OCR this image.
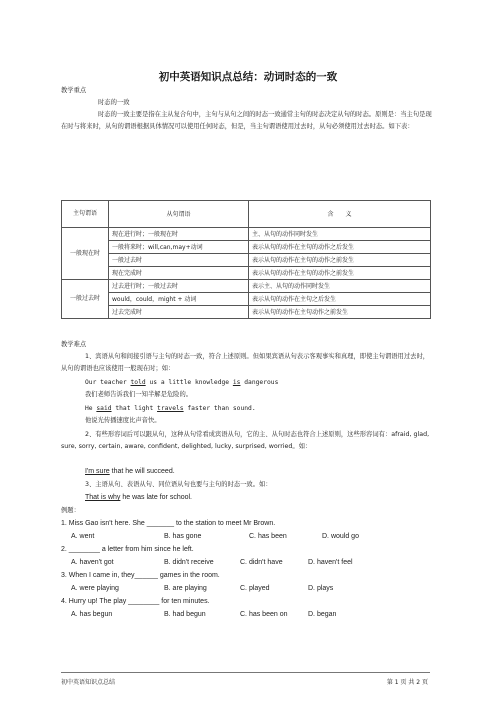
初中英语知识点总结：动词时态的一致
教学重点
时态的一致
时态的一致主要是指在主从复合句中，主句与从句之间的时态一致通常主句的时态决定从句的时态。原则是：当主句是现在时与将来时，从句的谓语根据具体情况可以使用任何时态，但是，当主句谓语使用过去时，从句必须使用过去时态。如下表：
主句谓语	从句谓语	含　　义
一般现在时	现在进行时；一般现在时	主、从句的动作同时发生
	一般将来时；will,can,may+动词	表示从句的动作在主句的动作之后发生
	一般过去时	表示从句的动作在主句的动作之前发生
	现在完成时	表示从句的动作在主句的动作之前发生
一般过去时	过去进行时；一般过去时	表示主、从句的动作同时发生
	would，could，might + 动词	表示从句的动作在主句之后发生
	过去完成时	表示从句的动作在主句动作之前发生
教学难点
1、宾语从句和间接引语与主句的时态一致，符合上述原则。但如果宾语从句表示客观事实和真理，即使主句谓语用过去时，从句的谓语也应该使用一般现在时；如：
Our teacher told us a little knowledge is dangerous
我们老师告诉我们一知半解是危险的。
He said that light travels faster than sound.
他说光传播速度比声音快。
2、有些形容词后可以跟从句，这种从句常看成宾语从句，它的主、从句时态也符合上述原则，这些形容词有：afraid, glad, sure, sorry, certain, aware, confident, delighted, lucky, surprised, worried。如：
I'm sure that he will succeed.
3、主语从句、表语从句、同位语从句也要与主句的时态一致。如：
That is why he was late for school.
例题：
1. Miss Gao isn't here. She _______ to the station to meet Mr Brown.
A. went	B. has gone	C. has been	D. would go
2. ________ a letter from him since he left.
A. haven't got	B. didn't receive	C. didn't have	D. haven't feel
3. When I came in, they______ games in the room.
A. were playing	B. are playing	C. played	D. plays
4. Hurry up! The play ________ for ten minutes.
A. has begun	B. had begun	C. has been on	D. began
初中英语知识点总结	第 1 页 共 2 页
